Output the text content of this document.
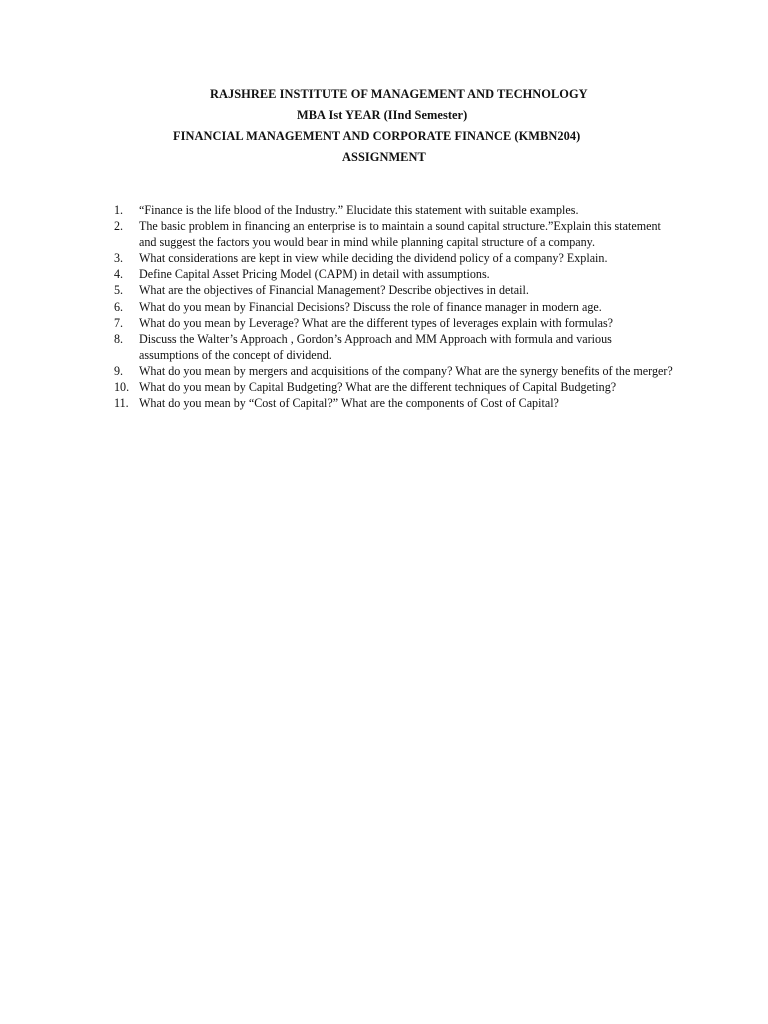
RAJSHREE INSTITUTE OF MANAGEMENT AND TECHNOLOGY
MBA Ist YEAR (IInd Semester)
FINANCIAL MANAGEMENT AND CORPORATE FINANCE (KMBN204)
ASSIGNMENT
1.	“Finance is the life blood of the Industry.” Elucidate this statement with suitable examples.
2.	The basic problem in financing an enterprise is to maintain a sound capital structure.”Explain this statement and suggest the factors you would bear in mind while planning capital structure of a company.
3.	What considerations are kept in view while deciding the dividend policy of a company? Explain.
4.	Define Capital Asset Pricing Model (CAPM) in detail with assumptions.
5.	What are the objectives of Financial Management? Describe objectives in detail.
6.	What do you mean by Financial Decisions? Discuss the role of finance manager in modern age.
7.	What do you mean by Leverage? What are the different types of leverages explain with formulas?
8.	Discuss the Walter’s Approach , Gordon’s Approach and MM Approach with formula and various assumptions of the concept of dividend.
9.	What do you mean by mergers and acquisitions of the company? What are the synergy benefits of the merger?
10. What do you mean by Capital Budgeting? What are the different techniques of Capital Budgeting?
11. What do you mean by “Cost of Capital?” What are the components of Cost of Capital?
